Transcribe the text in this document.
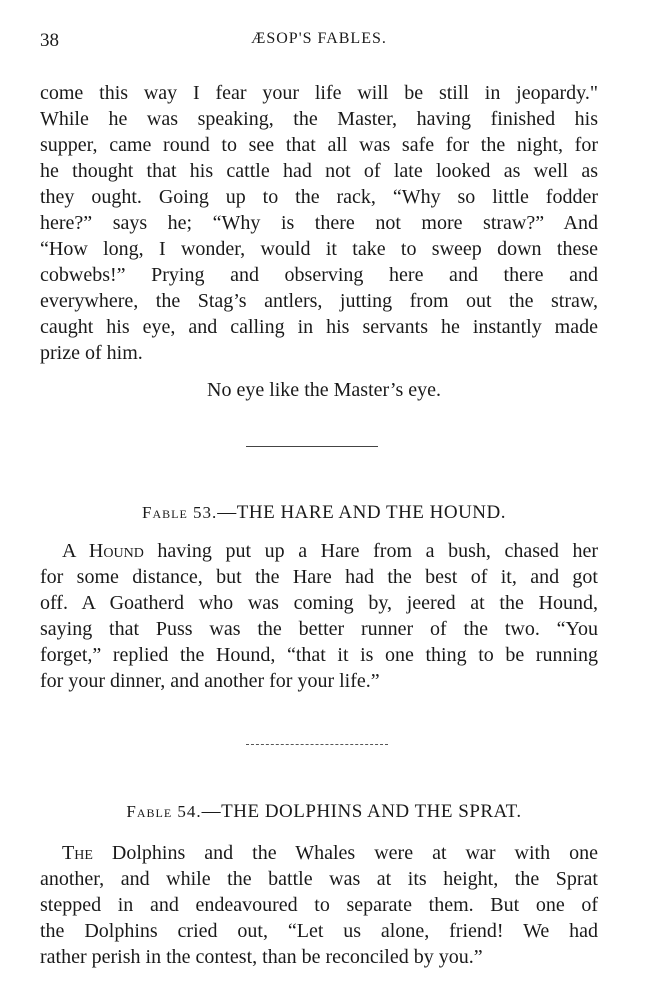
38	ÆSOP'S FABLES.
come this way I fear your life will be still in jeopardy."
While he was speaking, the Master, having finished his
supper, came round to see that all was safe for the night, for
he thought that his cattle had not of late looked as well as
they ought. Going up to the rack, “Why so little fodder
here?” says he; “Why is there not more straw?” And
“How long, I wonder, would it take to sweep down these
cobwebs!” Prying and observing here and there and
everywhere, the Stag’s antlers, jutting from out the straw,
caught his eye, and calling in his servants he instantly made
prize of him.
No eye like the Master’s eye.
Fable 53.—THE HARE AND THE HOUND.
A Hound having put up a Hare from a bush, chased her
for some distance, but the Hare had the best of it, and got
off. A Goatherd who was coming by, jeered at the Hound,
saying that Puss was the better runner of the two. “You
forget,” replied the Hound, “that it is one thing to be running
for your dinner, and another for your life.”
Fable 54.—THE DOLPHINS AND THE SPRAT.
The Dolphins and the Whales were at war with one
another, and while the battle was at its height, the Sprat
stepped in and endeavoured to separate them. But one of
the Dolphins cried out, “Let us alone, friend! We had
rather perish in the contest, than be reconciled by you.”
